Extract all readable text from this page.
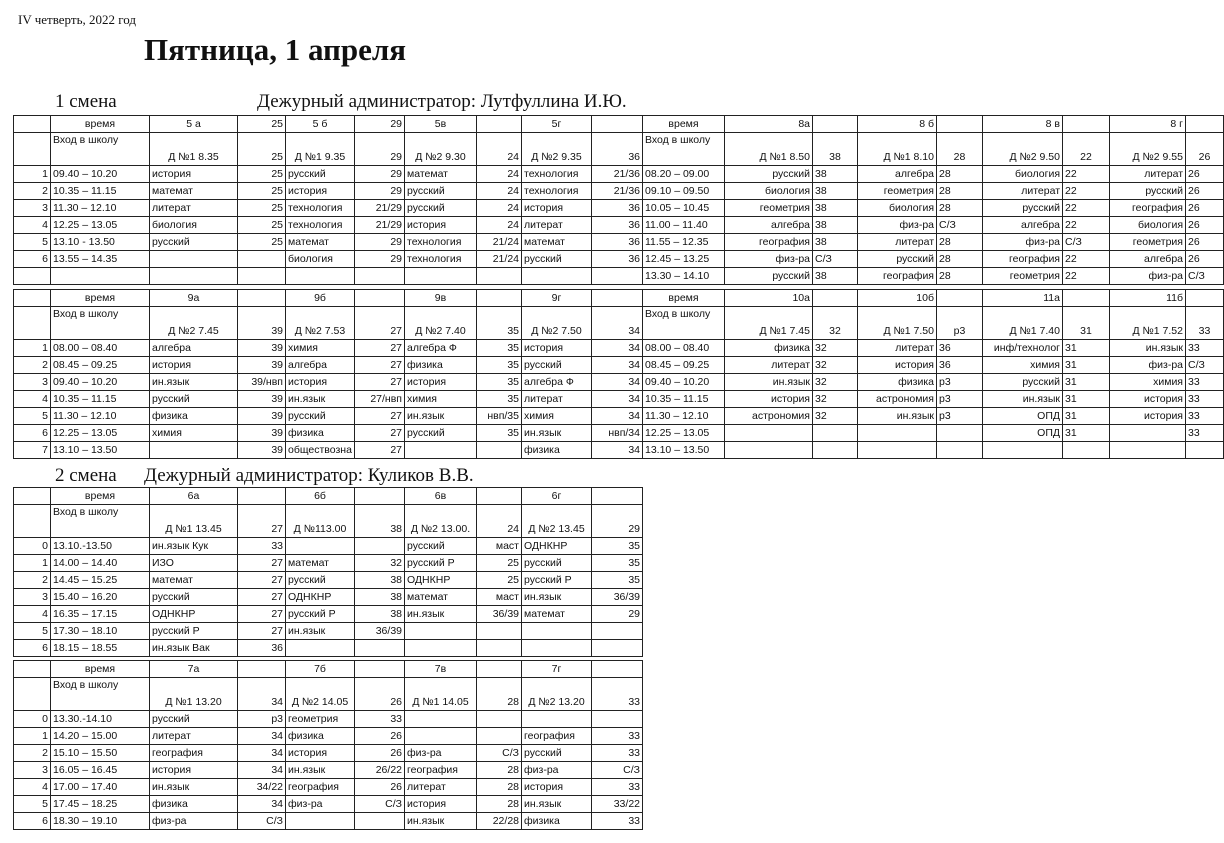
IV четверть, 2022 год
Пятница, 1 апреля
1 смена	Дежурный администратор: Лутфуллина И.Ю.
2 смена Дежурный администратор: Куликов В.В.
	время	5 а	25	5 б	29	5в		5г		время	8а		8 б		8 в		8 г	
	Вход в школу	Д №1 8.35	25	Д №1 9.35	29	Д №2 9.30	24	Д №2 9.35	36	Вход в школу	Д №1 8.50	38	Д №1 8.10	28	Д №2 9.50	22	Д №2 9.55	26
1	09.40 – 10.20	история	25	русский	29	математ	24	технология	21/36	08.20 – 09.00	русский	38	алгебра	28	биология	22	литерат	26
2	10.35 – 11.15	математ	25	история	29	русский	24	технология	21/36	09.10 – 09.50	биология	38	геометрия	28	литерат	22	русский	26
3	11.30 – 12.10	литерат	25	технология	21/29	русский	24	история	36	10.05 – 10.45	геометрия	38	биология	28	русский	22	география	26
4	12.25 – 13.05	биология	25	технология	21/29	история	24	литерат	36	11.00 – 11.40	алгебра	38	физ-ра	С/З	алгебра	22	биология	26
5	13.10 - 13.50	русский	25	математ	29	технология	21/24	математ	36	11.55 – 12.35	география	38	литерат	28	физ-ра	С/З	геометрия	26
6	13.55 – 14.35			биология	29	технология	21/24	русский	36	12.45 – 13.25	физ-ра	С/З	русский	28	география	22	алгебра	26
										13.30 – 14.10	русский	38	география	28	геометрия	22	физ-ра	С/З
	время	9а		9б		9в		9г		время	10а		10б		11а		11б	
	Вход в школу	Д №2 7.45	39	Д №2 7.53	27	Д №2 7.40	35	Д №2 7.50	34	Вход в школу	Д №1 7.45	32	Д №1 7.50	р3	Д №1 7.40	31	Д №1 7.52	33
1	08.00 – 08.40	алгебра	39	химия	27	алгебра Ф	35	история	34	08.00 – 08.40	физика	32	литерат	36	инф/технолог	31	ин.язык	33
2	08.45 – 09.25	история	39	алгебра	27	физика	35	русский	34	08.45 – 09.25	литерат	32	история	36	химия	31	физ-ра	С/З
3	09.40 – 10.20	ин.язык	39/нвп	история	27	история	35	алгебра Ф	34	09.40 – 10.20	ин.язык	32	физика	р3	русский	31	химия	33
4	10.35 – 11.15	русский	39	ин.язык	27/нвп	химия	35	литерат	34	10.35 – 11.15	история	32	астрономия	р3	ин.язык	31	история	33
5	11.30 – 12.10	физика	39	русский	27	ин.язык	нвп/35	химия	34	11.30 – 12.10	астрономия	32	ин.язык	р3	ОПД	31	история	33
6	12.25 – 13.05	химия	39	физика	27	русский	35	ин.язык	нвп/34	12.25 – 13.05					ОПД	31		33
7	13.10 – 13.50		39	обществозна	27			физика	34	13.10 – 13.50								
	время	6а		6б		6в		6г	
	Вход в школу	Д №1 13.45	27	Д №113.00	38	Д №2 13.00.	24	Д №2 13.45	29
0	13.10.-13.50	ин.язык Кук	33			русский	маст	ОДНКНР	35
1	14.00 – 14.40	ИЗО	27	математ	32	русский Р	25	русский	35
2	14.45 – 15.25	математ	27	русский	38	ОДНКНР	25	русский Р	35
3	15.40 – 16.20	русский	27	ОДНКНР	38	математ	маст	ин.язык	36/39
4	16.35 – 17.15	ОДНКНР	27	русский Р	38	ин.язык	36/39	математ	29
5	17.30 – 18.10	русский Р	27	ин.язык	36/39				
6	18.15 – 18.55	ин.язык Вак	36						
	время	7а		7б		7в		7г	
	Вход в школу	Д №1 13.20	34	Д №2 14.05	26	Д №1 14.05	28	Д №2 13.20	33
0	13.30.-14.10	русский	р3	геометрия	33				
1	14.20 – 15.00	литерат	34	физика	26			география	33
2	15.10 – 15.50	география	34	история	26	физ-ра	С/З	русский	33
3	16.05 – 16.45	история	34	ин.язык	26/22	география	28	физ-ра	С/З
4	17.00 – 17.40	ин.язык	34/22	география	26	литерат	28	история	33
5	17.45 – 18.25	физика	34	физ-ра	С/З	история	28	ин.язык	33/22
6	18.30 – 19.10	физ-ра	С/З			ин.язык	22/28	физика	33
